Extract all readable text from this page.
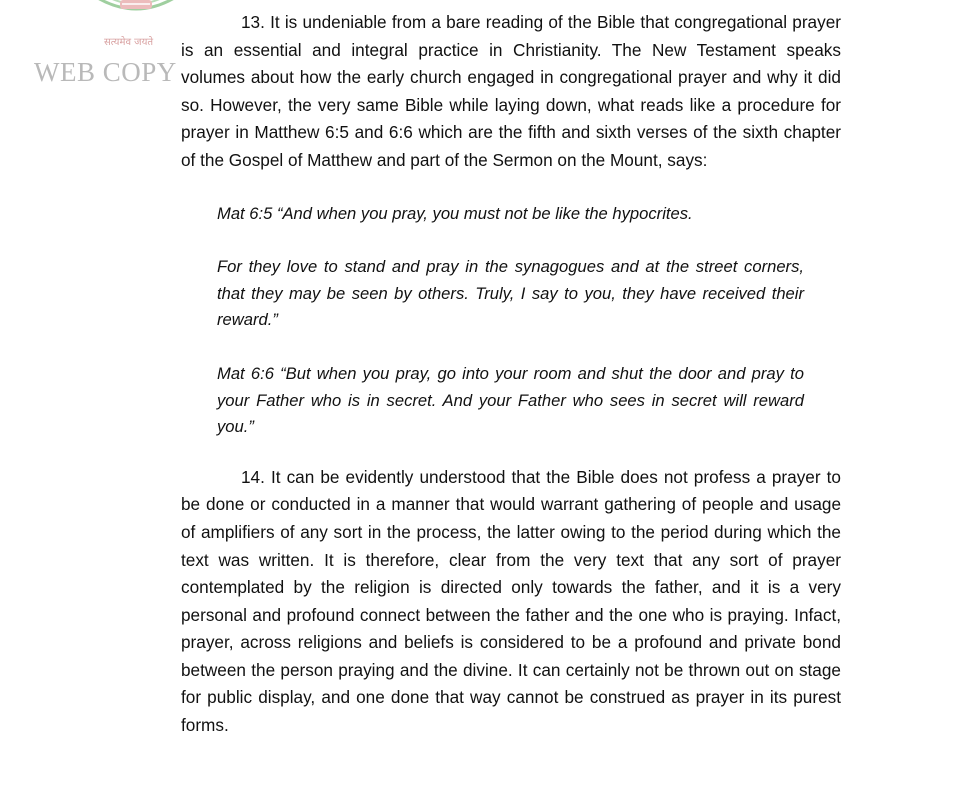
सत्यमेव जयते
WEB COPY

13. It is undeniable from a bare reading of the Bible that congregational prayer is an essential and integral practice in Christianity. The New Testament speaks volumes about how the early church engaged in congregational prayer and why it did so. However, the very same Bible while laying down, what reads like a procedure for prayer in Matthew 6:5 and 6:6 which are the fifth and sixth verses of the sixth chapter of the Gospel of Matthew and part of the Sermon on the Mount, says:

Mat 6:5 “And when you pray, you must not be like the hypocrites.

For they love to stand and pray in the synagogues and at the street corners, that they may be seen by others. Truly, I say to you, they have received their reward.”

Mat 6:6 “But when you pray, go into your room and shut the door and pray to your Father who is in secret. And your Father who sees in secret will reward you.”

14. It can be evidently understood that the Bible does not profess a prayer to be done or conducted in a manner that would warrant gathering of people and usage of amplifiers of any sort in the process, the latter owing to the period during which the text was written. It is therefore, clear from the very text that any sort of prayer contemplated by the religion is directed only towards the father, and it is a very personal and profound connect between the father and the one who is praying. Infact, prayer, across religions and beliefs is considered to be a profound and private bond between the person praying and the divine. It can certainly not be thrown out on stage for public display, and one done that way cannot be construed as prayer in its purest forms.
